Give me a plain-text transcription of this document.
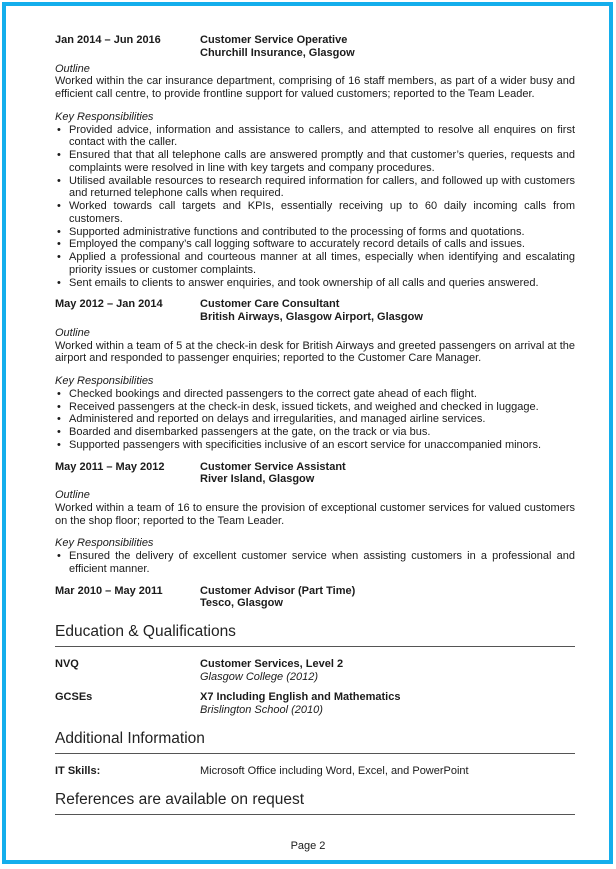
Jan 2014 – Jun 2016	Customer Service Operative
Churchill Insurance, Glasgow
Outline

Worked within the car insurance department, comprising of 16 staff members, as part of a wider busy and efficient call centre, to provide frontline support for valued customers; reported to the Team Leader.

Key Responsibilities
• Provided advice, information and assistance to callers, and attempted to resolve all enquires on first contact with the caller.
• Ensured that that all telephone calls are answered promptly and that customer’s queries, requests and complaints were resolved in line with key targets and company procedures.
• Utilised available resources to research required information for callers, and followed up with customers and returned telephone calls when required.
• Worked towards call targets and KPIs, essentially receiving up to 60 daily incoming calls from customers.
• Supported administrative functions and contributed to the processing of forms and quotations.
• Employed the company’s call logging software to accurately record details of calls and issues.
• Applied a professional and courteous manner at all times, especially when identifying and escalating priority issues or customer complaints.
• Sent emails to clients to answer enquiries, and took ownership of all calls and queries answered.
May 2012 – Jan 2014	Customer Care Consultant
British Airways, Glasgow Airport, Glasgow
Outline

Worked within a team of 5 at the check-in desk for British Airways and greeted passengers on arrival at the airport and responded to passenger enquiries; reported to the Customer Care Manager.

Key Responsibilities
• Checked bookings and directed passengers to the correct gate ahead of each flight.
• Received passengers at the check-in desk, issued tickets, and weighed and checked in luggage.
• Administered and reported on delays and irregularities, and managed airline services.
• Boarded and disembarked passengers at the gate, on the track or via bus.
• Supported passengers with specificities inclusive of an escort service for unaccompanied minors.
May 2011 – May 2012	Customer Service Assistant
River Island, Glasgow
Outline

Worked within a team of 16 to ensure the provision of exceptional customer services for valued customers on the shop floor; reported to the Team Leader.

Key Responsibilities
• Ensured the delivery of excellent customer service when assisting customers in a professional and efficient manner.
Mar 2010 – May 2011	Customer Advisor (Part Time)
Tesco, Glasgow
Education & Qualifications
NVQ	Customer Services, Level 2
Glasgow College (2012)
GCSEs	X7 Including English and Mathematics
Brislington School (2010)
Additional Information
IT Skills:	Microsoft Office including Word, Excel, and PowerPoint
References are available on request
Page 2
